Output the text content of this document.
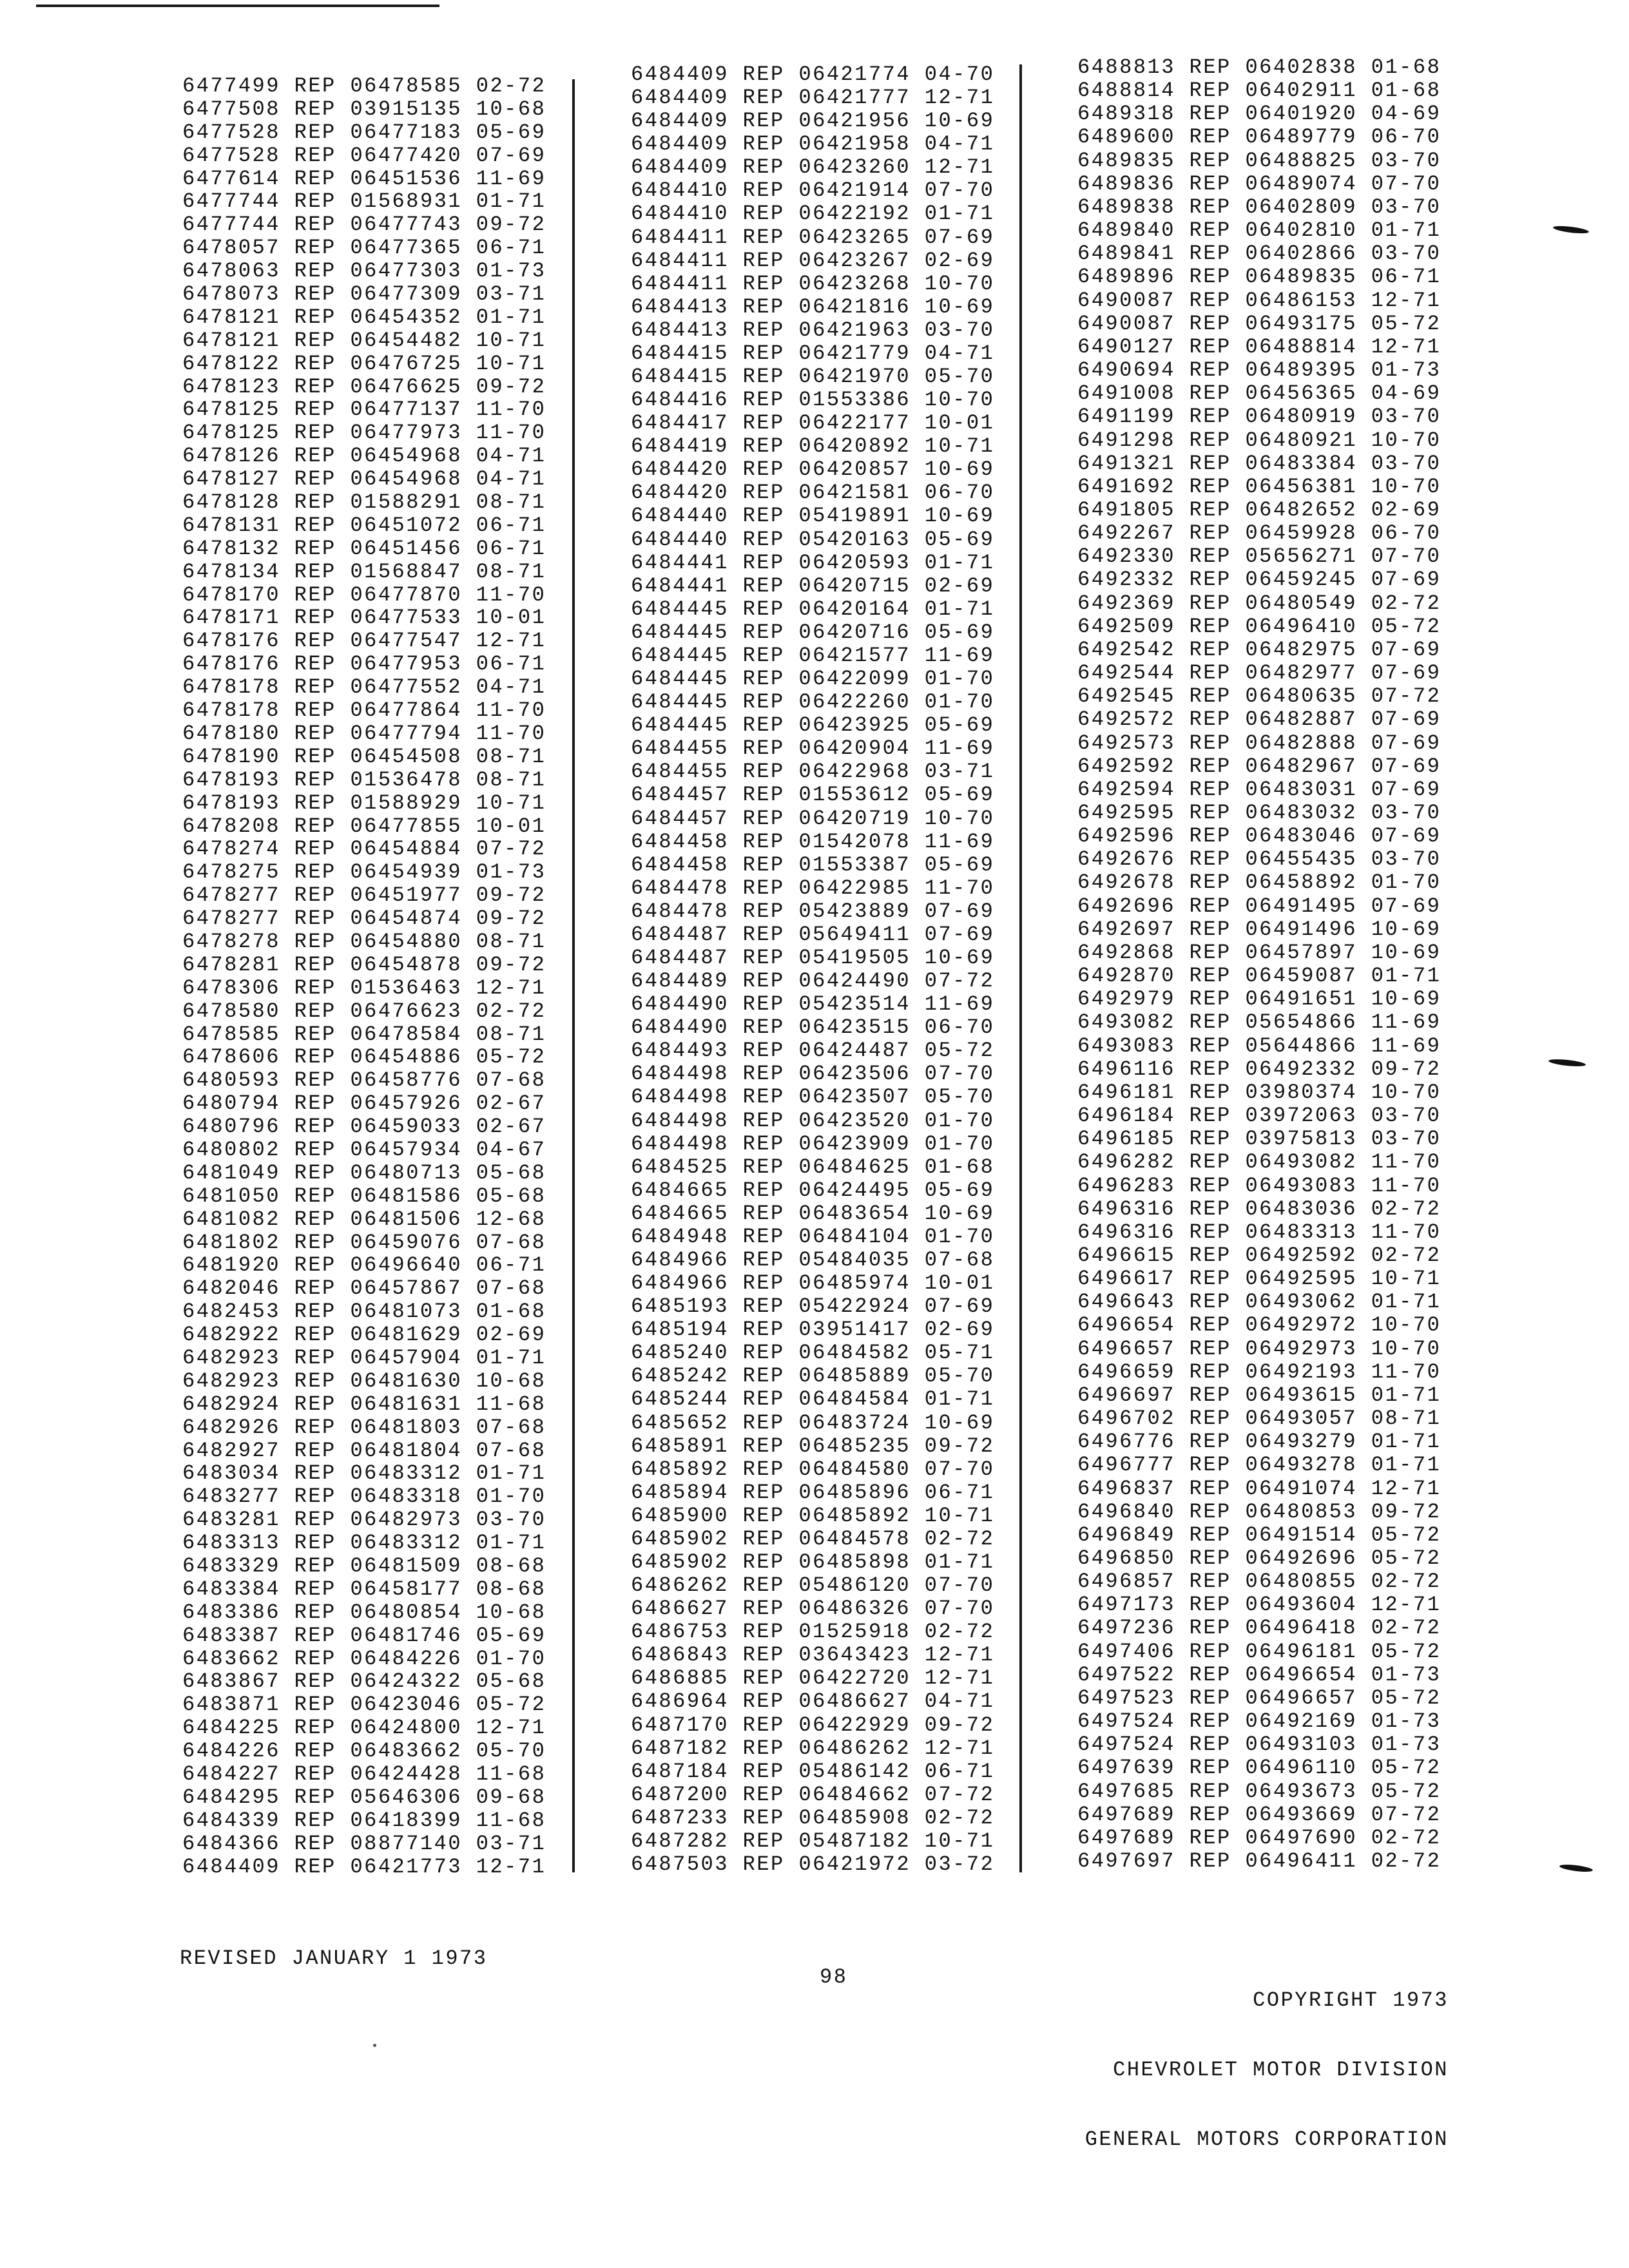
6477499 REP 06478585 02-72
6477508 REP 03915135 10-68
6477528 REP 06477183 05-69
6477528 REP 06477420 07-69
6477614 REP 06451536 11-69
6477744 REP 01568931 01-71
6477744 REP 06477743 09-72
6478057 REP 06477365 06-71
6478063 REP 06477303 01-73
6478073 REP 06477309 03-71
6478121 REP 06454352 01-71
6478121 REP 06454482 10-71
6478122 REP 06476725 10-71
6478123 REP 06476625 09-72
6478125 REP 06477137 11-70
6478125 REP 06477973 11-70
6478126 REP 06454968 04-71
6478127 REP 06454968 04-71
6478128 REP 01588291 08-71
6478131 REP 06451072 06-71
6478132 REP 06451456 06-71
6478134 REP 01568847 08-71
6478170 REP 06477870 11-70
6478171 REP 06477533 10-01
6478176 REP 06477547 12-71
6478176 REP 06477953 06-71
6478178 REP 06477552 04-71
6478178 REP 06477864 11-70
6478180 REP 06477794 11-70
6478190 REP 06454508 08-71
6478193 REP 01536478 08-71
6478193 REP 01588929 10-71
6478208 REP 06477855 10-01
6478274 REP 06454884 07-72
6478275 REP 06454939 01-73
6478277 REP 06451977 09-72
6478277 REP 06454874 09-72
6478278 REP 06454880 08-71
6478281 REP 06454878 09-72
6478306 REP 01536463 12-71
6478580 REP 06476623 02-72
6478585 REP 06478584 08-71
6478606 REP 06454886 05-72
6480593 REP 06458776 07-68
6480794 REP 06457926 02-67
6480796 REP 06459033 02-67
6480802 REP 06457934 04-67
6481049 REP 06480713 05-68
6481050 REP 06481586 05-68
6481082 REP 06481506 12-68
6481802 REP 06459076 07-68
6481920 REP 06496640 06-71
6482046 REP 06457867 07-68
6482453 REP 06481073 01-68
6482922 REP 06481629 02-69
6482923 REP 06457904 01-71
6482923 REP 06481630 10-68
6482924 REP 06481631 11-68
6482926 REP 06481803 07-68
6482927 REP 06481804 07-68
6483034 REP 06483312 01-71
6483277 REP 06483318 01-70
6483281 REP 06482973 03-70
6483313 REP 06483312 01-71
6483329 REP 06481509 08-68
6483384 REP 06458177 08-68
6483386 REP 06480854 10-68
6483387 REP 06481746 05-69
6483662 REP 06484226 01-70
6483867 REP 06424322 05-68
6483871 REP 06423046 05-72
6484225 REP 06424800 12-71
6484226 REP 06483662 05-70
6484227 REP 06424428 11-68
6484295 REP 05646306 09-68
6484339 REP 06418399 11-68
6484366 REP 08877140 03-71
6484409 REP 06421773 12-71
6484409 REP 06421774 04-70
6484409 REP 06421777 12-71
6484409 REP 06421956 10-69
6484409 REP 06421958 04-71
6484409 REP 06423260 12-71
6484410 REP 06421914 07-70
6484410 REP 06422192 01-71
6484411 REP 06423265 07-69
6484411 REP 06423267 02-69
6484411 REP 06423268 10-70
6484413 REP 06421816 10-69
6484413 REP 06421963 03-70
6484415 REP 06421779 04-71
6484415 REP 06421970 05-70
6484416 REP 01553386 10-70
6484417 REP 06422177 10-01
6484419 REP 06420892 10-71
6484420 REP 06420857 10-69
6484420 REP 06421581 06-70
6484440 REP 05419891 10-69
6484440 REP 05420163 05-69
6484441 REP 06420593 01-71
6484441 REP 06420715 02-69
6484445 REP 06420164 01-71
6484445 REP 06420716 05-69
6484445 REP 06421577 11-69
6484445 REP 06422099 01-70
6484445 REP 06422260 01-70
6484445 REP 06423925 05-69
6484455 REP 06420904 11-69
6484455 REP 06422968 03-71
6484457 REP 01553612 05-69
6484457 REP 06420719 10-70
6484458 REP 01542078 11-69
6484458 REP 01553387 05-69
6484478 REP 06422985 11-70
6484478 REP 05423889 07-69
6484487 REP 05649411 07-69
6484487 REP 05419505 10-69
6484489 REP 06424490 07-72
6484490 REP 05423514 11-69
6484490 REP 06423515 06-70
6484493 REP 06424487 05-72
6484498 REP 06423506 07-70
6484498 REP 06423507 05-70
6484498 REP 06423520 01-70
6484498 REP 06423909 01-70
6484525 REP 06484625 01-68
6484665 REP 06424495 05-69
6484665 REP 06483654 10-69
6484948 REP 06484104 01-70
6484966 REP 05484035 07-68
6484966 REP 06485974 10-01
6485193 REP 05422924 07-69
6485194 REP 03951417 02-69
6485240 REP 06484582 05-71
6485242 REP 06485889 05-70
6485244 REP 06484584 01-71
6485652 REP 06483724 10-69
6485891 REP 06485235 09-72
6485892 REP 06484580 07-70
6485894 REP 06485896 06-71
6485900 REP 06485892 10-71
6485902 REP 06484578 02-72
6485902 REP 06485898 01-71
6486262 REP 05486120 07-70
6486627 REP 06486326 07-70
6486753 REP 01525918 02-72
6486843 REP 03643423 12-71
6486885 REP 06422720 12-71
6486964 REP 06486627 04-71
6487170 REP 06422929 09-72
6487182 REP 06486262 12-71
6487184 REP 05486142 06-71
6487200 REP 06484662 07-72
6487233 REP 06485908 02-72
6487282 REP 05487182 10-71
6487503 REP 06421972 03-72
6488813 REP 06402838 01-68
6488814 REP 06402911 01-68
6489318 REP 06401920 04-69
6489600 REP 06489779 06-70
6489835 REP 06488825 03-70
6489836 REP 06489074 07-70
6489838 REP 06402809 03-70
6489840 REP 06402810 01-71
6489841 REP 06402866 03-70
6489896 REP 06489835 06-71
6490087 REP 06486153 12-71
6490087 REP 06493175 05-72
6490127 REP 06488814 12-71
6490694 REP 06489395 01-73
6491008 REP 06456365 04-69
6491199 REP 06480919 03-70
6491298 REP 06480921 10-70
6491321 REP 06483384 03-70
6491692 REP 06456381 10-70
6491805 REP 06482652 02-69
6492267 REP 06459928 06-70
6492330 REP 05656271 07-70
6492332 REP 06459245 07-69
6492369 REP 06480549 02-72
6492509 REP 06496410 05-72
6492542 REP 06482975 07-69
6492544 REP 06482977 07-69
6492545 REP 06480635 07-72
6492572 REP 06482887 07-69
6492573 REP 06482888 07-69
6492592 REP 06482967 07-69
6492594 REP 06483031 07-69
6492595 REP 06483032 03-70
6492596 REP 06483046 07-69
6492676 REP 06455435 03-70
6492678 REP 06458892 01-70
6492696 REP 06491495 07-69
6492697 REP 06491496 10-69
6492868 REP 06457897 10-69
6492870 REP 06459087 01-71
6492979 REP 06491651 10-69
6493082 REP 05654866 11-69
6493083 REP 05644866 11-69
6496116 REP 06492332 09-72
6496181 REP 03980374 10-70
6496184 REP 03972063 03-70
6496185 REP 03975813 03-70
6496282 REP 06493082 11-70
6496283 REP 06493083 11-70
6496316 REP 06483036 02-72
6496316 REP 06483313 11-70
6496615 REP 06492592 02-72
6496617 REP 06492595 10-71
6496643 REP 06493062 01-71
6496654 REP 06492972 10-70
6496657 REP 06492973 10-70
6496659 REP 06492193 11-70
6496697 REP 06493615 01-71
6496702 REP 06493057 08-71
6496776 REP 06493279 01-71
6496777 REP 06493278 01-71
6496837 REP 06491074 12-71
6496840 REP 06480853 09-72
6496849 REP 06491514 05-72
6496850 REP 06492696 05-72
6496857 REP 06480855 02-72
6497173 REP 06493604 12-71
6497236 REP 06496418 02-72
6497406 REP 06496181 05-72
6497522 REP 06496654 01-73
6497523 REP 06496657 05-72
6497524 REP 06492169 01-73
6497524 REP 06493103 01-73
6497639 REP 06496110 05-72
6497685 REP 06493673 05-72
6497689 REP 06493669 07-72
6497689 REP 06497690 02-72
6497697 REP 06496411 02-72
REVISED JANUARY 1 1973
98

COPYRIGHT 1973

CHEVROLET MOTOR DIVISION

GENERAL MOTORS CORPORATION
